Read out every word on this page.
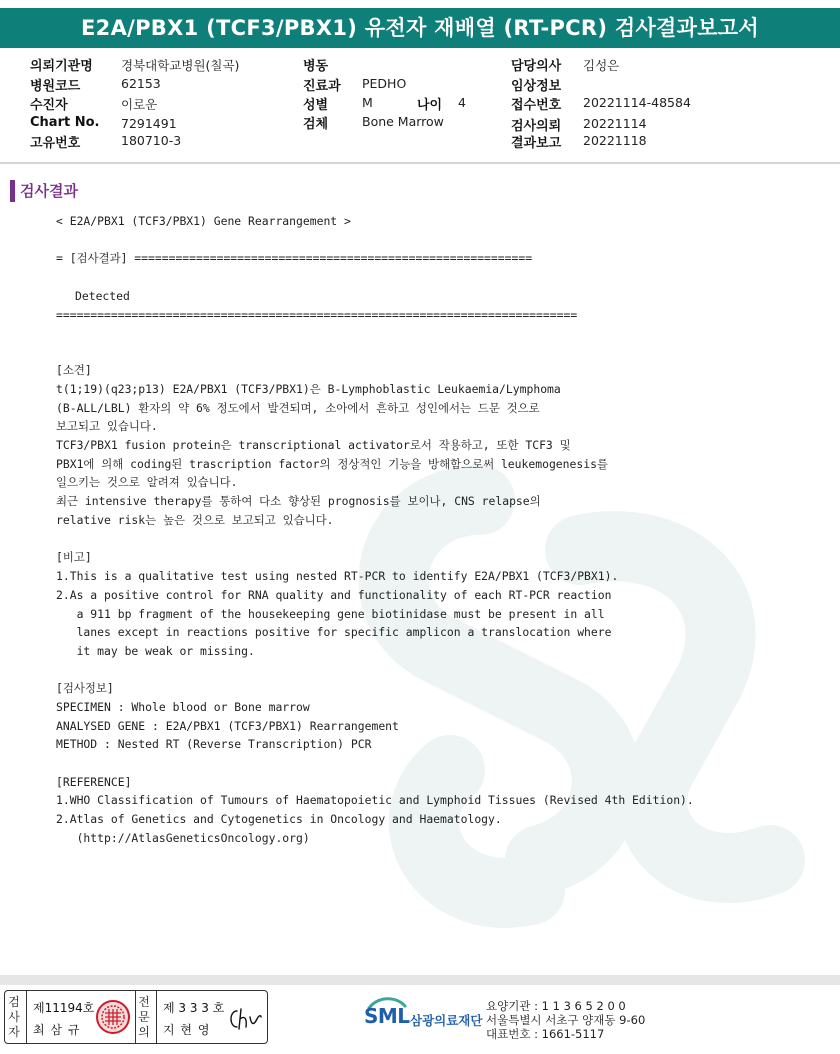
E2A/PBX1 (TCF3/PBX1) 유전자 재배열 (RT-PCR) 검사결과보고서
의뢰기관명 경북대학교병원(칠곡)
병원코드	62153
수진자	이로운
Chart No. 7291491
고유번호	180710-3
병동
진료과 PEDHO
성별	M	나이 4
검체	Bone Marrow
담당의사 김성은
임상정보
접수번호 20221114-48584
검사의뢰 20221114
결과보고 20221118
검사결과
< E2A/PBX1 (TCF3/PBX1) Gene Rearrangement >
= [검사결과] ==========================================================
Detected
============================================================================
[소견]
t(1;19)(q23;p13) E2A/PBX1 (TCF3/PBX1)은 B-Lymphoblastic Leukaemia/Lymphoma
(B-ALL/LBL) 환자의 약 6% 정도에서 발견되며, 소아에서 흔하고 성인에서는 드문 것으로
보고되고 있습니다.
TCF3/PBX1 fusion protein은 transcriptional activator로서 작용하고, 또한 TCF3 및
PBX1에 의해 coding된 trascription factor의 정상적인 기능을 방해함으로써 leukemogenesis를
일으키는 것으로 알려져 있습니다.
최근 intensive therapy를 통하여 다소 향상된 prognosis를 보이나, CNS relapse의
relative risk는 높은 것으로 보고되고 있습니다.
[비고]
1.This is a qualitative test using nested RT-PCR to identify E2A/PBX1 (TCF3/PBX1).
2.As a positive control for RNA quality and functionality of each RT-PCR reaction
a 911 bp fragment of the housekeeping gene biotinidase must be present in all
lanes except in reactions positive for specific amplicon a translocation where
it may be weak or missing.
[검사정보]
SPECIMEN : Whole blood or Bone marrow
ANALYSED GENE : E2A/PBX1 (TCF3/PBX1) Rearrangement
METHOD : Nested RT (Reverse Transcription) PCR
[REFERENCE]
1.WHO Classification of Tumours of Haematopoietic and Lymphoid Tissues (Revised 4th Edition).
2.Atlas of Genetics and Cytogenetics in Oncology and Haematology.
(http://AtlasGeneticsOncology.org)
검사자
제11194호
최 삼 규
전문의
제 3 3 3 호
지 현 영
SML 삼광의료재단
요양기관 : 1 1 3 6 5 2 0 0
서울특별시 서초구 양재동 9-60
대표번호 : 1661-5117
